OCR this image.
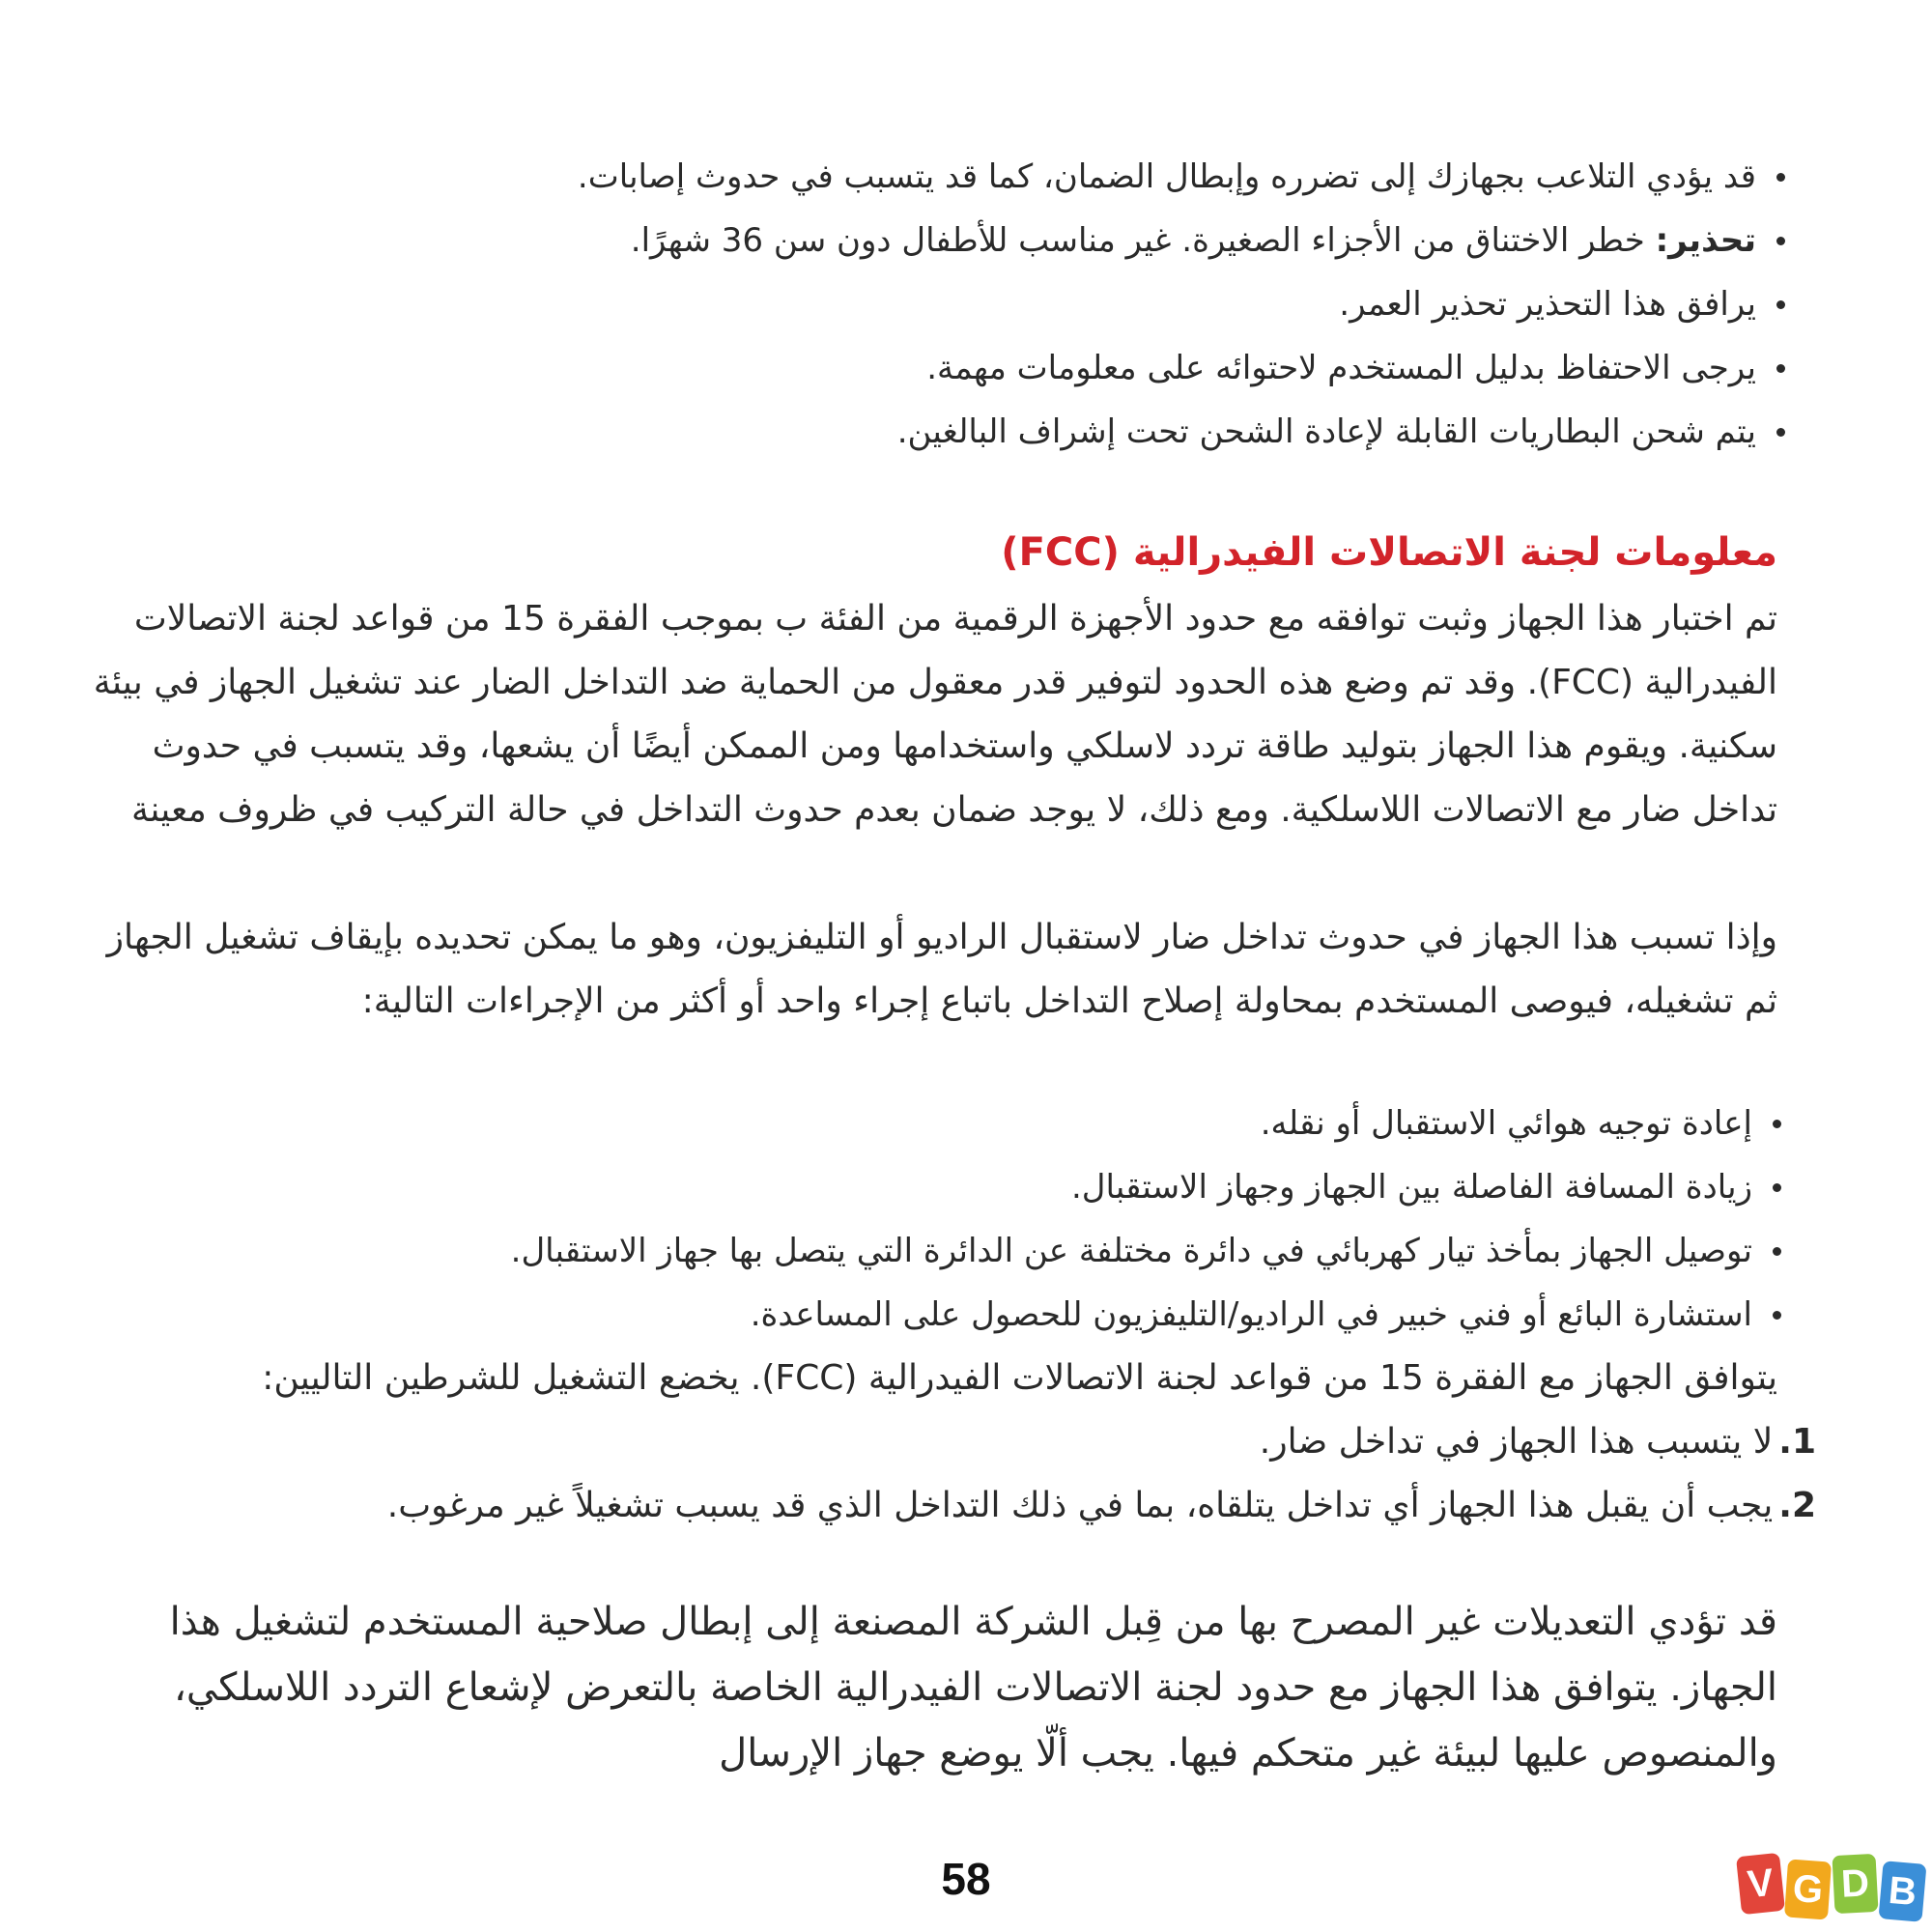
قد يؤدي التلاعب بجهازك إلى تضرره وإبطال الضمان، كما قد يتسبب في حدوث إصابات.
تحذير: خطر الاختناق من الأجزاء الصغيرة. غير مناسب للأطفال دون سن 36 شهرًا.
يرافق هذا التحذير تحذير العمر.
يرجى الاحتفاظ بدليل المستخدم لاحتوائه على معلومات مهمة.
يتم شحن البطاريات القابلة لإعادة الشحن تحت إشراف البالغين.
معلومات لجنة الاتصالات الفيدرالية (FCC)

تم اختبار هذا الجهاز وثبت توافقه مع حدود الأجهزة الرقمية من الفئة ب بموجب الفقرة 15 من قواعد لجنة الاتصالات الفيدرالية (FCC). وقد تم وضع هذه الحدود لتوفير قدر معقول من الحماية ضد التداخل الضار عند تشغيل الجهاز في بيئة سكنية. ويقوم هذا الجهاز بتوليد طاقة تردد لاسلكي واستخدامها ومن الممكن أيضًا أن يشعها، وقد يتسبب في حدوث تداخل ضار مع الاتصالات اللاسلكية. ومع ذلك، لا يوجد ضمان بعدم حدوث التداخل في حالة التركيب في ظروف معينة

وإذا تسبب هذا الجهاز في حدوث تداخل ضار لاستقبال الراديو أو التليفزيون، وهو ما يمكن تحديده بإيقاف تشغيل الجهاز ثم تشغيله، فيوصى المستخدم بمحاولة إصلاح التداخل باتباع إجراء واحد أو أكثر من الإجراءات التالية:

إعادة توجيه هوائي الاستقبال أو نقله.
زيادة المسافة الفاصلة بين الجهاز وجهاز الاستقبال.
توصيل الجهاز بمأخذ تيار كهربائي في دائرة مختلفة عن الدائرة التي يتصل بها جهاز الاستقبال.
استشارة البائع أو فني خبير في الراديو/التليفزيون للحصول على المساعدة.

يتوافق الجهاز مع الفقرة 15 من قواعد لجنة الاتصالات الفيدرالية (FCC). يخضع التشغيل للشرطين التاليين:

1.لا يتسبب هذا الجهاز في تداخل ضار.
2.يجب أن يقبل هذا الجهاز أي تداخل يتلقاه، بما في ذلك التداخل الذي قد يسبب تشغيلاً غير مرغوب.

قد تؤدي التعديلات غير المصرح بها من قِبل الشركة المصنعة إلى إبطال صلاحية المستخدم لتشغيل هذا الجهاز. يتوافق هذا الجهاز مع حدود لجنة الاتصالات الفيدرالية الخاصة بالتعرض لإشعاع التردد اللاسلكي، والمنصوص عليها لبيئة غير متحكم فيها. يجب ألّا يوضع جهاز الإرسال

58	V G D B
